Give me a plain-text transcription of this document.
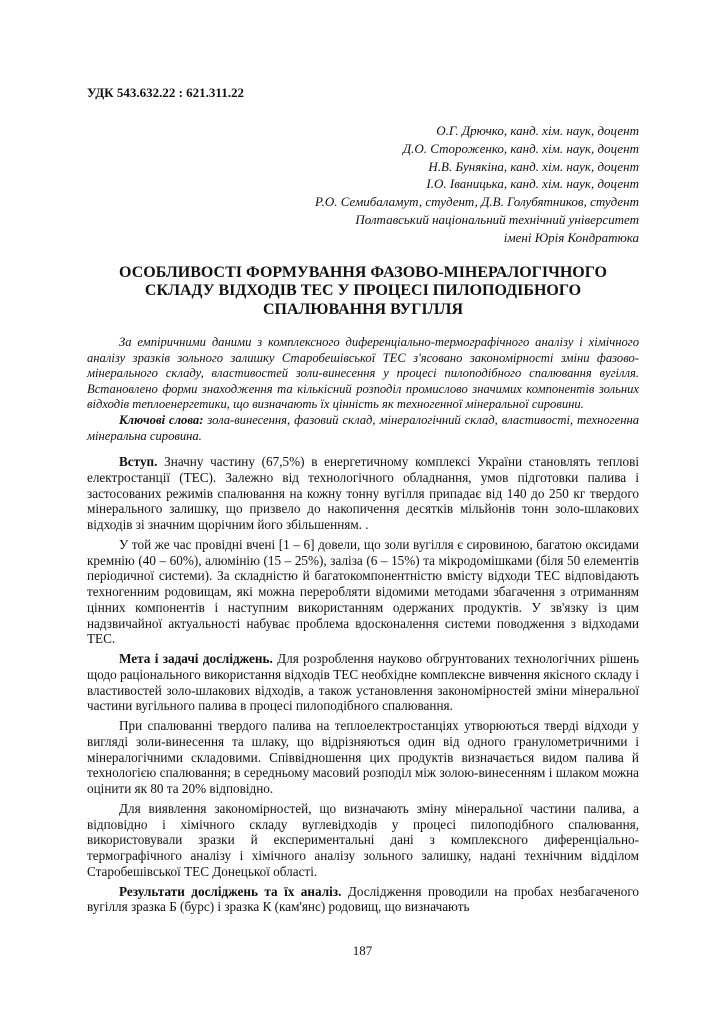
УДК 543.632.22 : 621.311.22
О.Г. Дрючко, канд. хім. наук, доцент
Д.О. Стороженко, канд. хім. наук, доцент
Н.В. Бунякіна, канд. хім. наук, доцент
І.О. Іваницька, канд. хім. наук, доцент
Р.О. Семибаламут, студент, Д.В. Голубятников, студент
Полтавський національний технічний університет
імені Юрія Кондратюка
ОСОБЛИВОСТІ ФОРМУВАННЯ ФАЗОВО-МІНЕРАЛОГІЧНОГО
СКЛАДУ ВІДХОДІВ ТЕС У ПРОЦЕСІ ПИЛОПОДІБНОГО
СПАЛЮВАННЯ ВУГІЛЛЯ
За емпіричними даними з комплексного диференціально-термографічного аналізу і хімічного аналізу зразків зольного залишку Старобешівської ТЕС з'ясовано закономірності зміни фазово-мінерального складу, властивостей золи-винесення у процесі пилоподібного спалювання вугілля. Встановлено форми знаходження та кількісний розподіл промислово значимих компонентів зольних відходів теплоенергетики, що визначають їх цінність як техногенної мінеральної сировини.
Ключові слова: зола-винесення, фазовий склад, мінералогічний склад, властивості, техногенна мінеральна сировина.

Вступ. Значну частину (67,5%) в енергетичному комплексі України становлять теплові електростанції (ТЕС). Залежно від технологічного обладнання, умов підготовки палива і застосованих режимів спалювання на кожну тонну вугілля припадає від 140 до 250 кг твердого мінерального залишку, що призвело до накопичення десятків мільйонів тонн золо-шлакових відходів зі значним щорічним його збільшенням. .

У той же час провідні вчені [1 – 6] довели, що золи вугілля є сировиною, багатою оксидами кремнію (40 – 60%), алюмінію (15 – 25%), заліза (6 – 15%) та мікродомішками (біля 50 елементів періодичної системи). За складністю й багатокомпонентністю вмісту відходи ТЕС відповідають техногенним родовищам, які можна переробляти відомими методами збагачення з отриманням цінних компонентів і наступним використанням одержаних продуктів. У зв'язку із цим надзвичайної актуальності набуває проблема вдосконалення системи поводження з відходами ТЕС.

Мета і задачі досліджень. Для розроблення науково обгрунтованих технологічних рішень щодо раціонального використання відходів ТЕС необхідне комплексне вивчення якісного складу і властивостей золо-шлакових відходів, а також установлення закономірностей зміни мінеральної частини вугільного палива в процесі пилоподібного спалювання.

При спалюванні твердого палива на теплоелектростанціях утворюються тверді відходи у вигляді золи-винесення та шлаку, що відрізняються один від одного гранулометричними і мінералогічними складовими. Співвідношення цих продуктів визначається видом палива й технологією спалювання; в середньому масовий розподіл між золою-винесенням і шлаком можна оцінити як 80 та 20% відповідно.

Для виявлення закономірностей, що визначають зміну мінеральної частини палива, а відповідно і хімічного складу вуглевідходів у процесі пилоподібного спалювання, використовували зразки й експериментальні дані з комплексного диференціально-термографічного аналізу і хімічного аналізу зольного залишку, надані технічним відділом Старобешівської ТЕС Донецької області.

Результати досліджень та їх аналіз. Дослідження проводили на пробах незбагаченого вугілля зразка Б (бурс) і зразка К (кам'янс) родовищ, що визначають

187
